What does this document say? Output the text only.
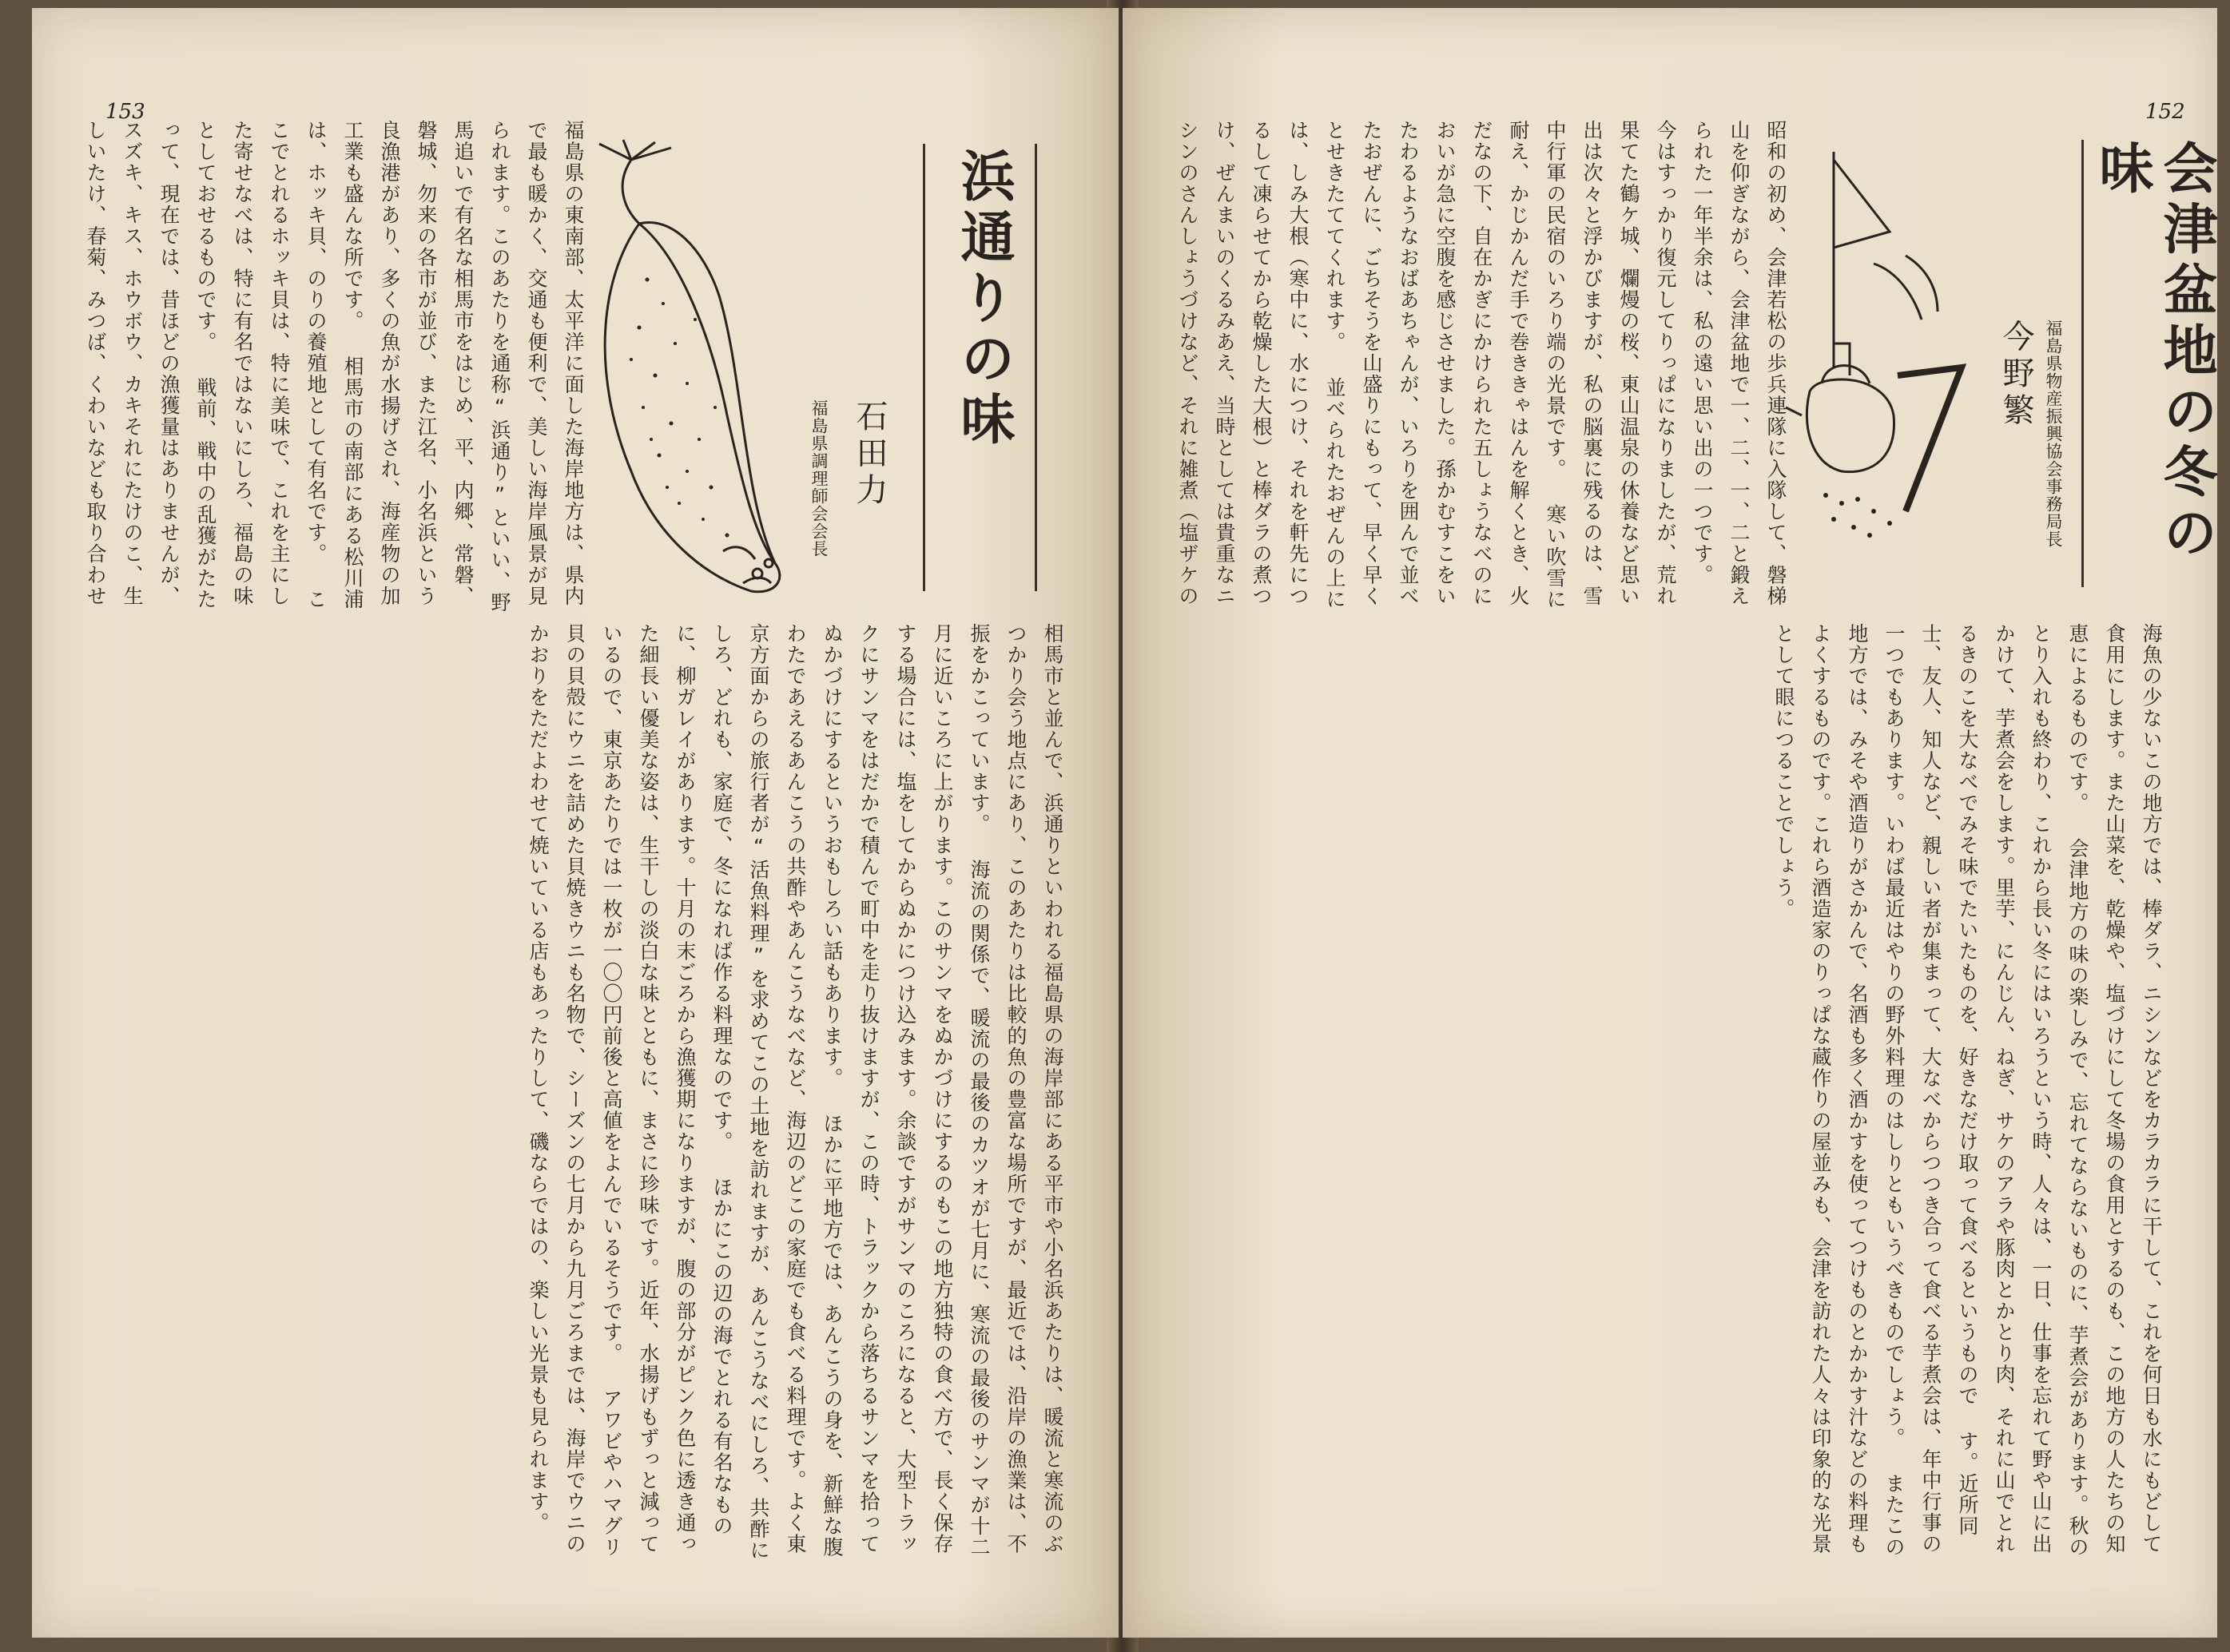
153
浜通りの味
石田力
福島県調理師会会長
福島県の東南部、太平洋に面した海岸地方は、県内で最も暖かく、交通も便利で、美しい海岸風景が見られます。このあたりを通称“浜通り”といい、野馬追いで有名な相馬市をはじめ、平、内郷、常磐、磐城、勿来の各市が並び、また江名、小名浜という良漁港があり、多くの魚が水揚げされ、海産物の加工業も盛んな所です。 相馬市の南部にある松川浦は、ホッキ貝、のりの養殖地として有名です。 ここでとれるホッキ貝は、特に美味で、これを主にした寄せなべは、特に有名ではないにしろ、福島の味としておせるものです。 戦前、戦中の乱獲がたたって、現在では、昔ほどの漁獲量はありませんが、スズキ、キス、ホウボウ、カキそれにたけのこ、生しいたけ、春菊、みつば、くわいなども取り合わせ
相馬市と並んで、浜通りといわれる福島県の海岸部にある平市や小名浜あたりは、暖流と寒流のぶつかり会う地点にあり、このあたりは比較的魚の豊富な場所ですが、最近では、沿岸の漁業は、不振をかこっています。 海流の関係で、暖流の最後のカツオが七月に、寒流の最後のサンマが十二月に近いころに上がります。このサンマをぬかづけにするのもこの地方独特の食べ方で、長く保存する場合には、塩をしてからぬかにつけ込みます。余談ですがサンマのころになると、大型トラックにサンマをはだかで積んで町中を走り抜けますが、この時、トラックから落ちるサンマを拾ってぬかづけにするというおもしろい話もあります。 ほかに平地方では、あんこうの身を、新鮮な腹わたであえるあんこうの共酢やあんこうなべなど、海辺のどこの家庭でも食べる料理です。よく東京方面からの旅行者が“活魚料理”を求めてこの土地を訪れますが、あんこうなべにしろ、共酢にしろ、どれも、家庭で、冬になれば作る料理なのです。 ほかにこの辺の海でとれる有名なものに、柳ガレイがあります。十月の末ごろから漁獲期になりますが、腹の部分がピンク色に透き通った細長い優美な姿は、生干しの淡白な味とともに、まさに珍味です。近年、水揚げもずっと減っているので、東京あたりでは一枚が一〇〇円前後と高値をよんでいるそうです。 アワビやハマグリ貝の貝殻にウニを詰めた貝焼きウニも名物で、シーズンの七月から九月ごろまでは、海岸でウニのかおりをただよわせて焼いている店もあったりして、磯ならではの、楽しい光景も見られます。
152
会津盆地の冬の味
今野繁 福島県物産振興協会事務局長
昭和の初め、会津若松の歩兵連隊に入隊して、磐梯山を仰ぎながら、会津盆地で一、二、一、二と鍛えられた一年半余は、私の遠い思い出の一つです。 今はすっかり復元してりっぱになりましたが、荒れ果てた鶴ケ城、爛熳の桜、東山温泉の休養など思い出は次々と浮かびますが、私の脳裏に残るのは、雪中行軍の民宿のいろり端の光景です。 寒い吹雪に耐え、かじかんだ手で巻ききゃはんを解くとき、火だなの下、自在かぎにかけられた五しょうなべのにおいが急に空腹を感じさせました。孫かむすこをいたわるようなおばあちゃんが、いろりを囲んで並べたおぜんに、ごちそうを山盛りにもって、早く早くとせきたててくれます。 並べられたおぜんの上には、しみ大根（寒中に、水につけ、それを軒先につるして凍らせてから乾燥した大根）と棒ダラの煮つけ、ぜんまいのくるみあえ、当時としては貴重なニシンのさんしょうづけなど、それに雑煮（塩ザケの
海魚の少ないこの地方では、棒ダラ、ニシンなどをカラカラに干して、これを何日も水にもどして食用にします。また山菜を、乾燥や、塩づけにして冬場の食用とするのも、この地方の人たちの知恵によるものです。 会津地方の味の楽しみで、忘れてならないものに、芋煮会があります。秋のとり入れも終わり、これから長い冬にはいろうという時、人々は、一日、仕事を忘れて野や山に出かけて、芋煮会をします。里芋、にんじん、ねぎ、サケのアラや豚肉とかとり肉、それに山でとれるきのこを大なべでみそ味でたいたものを、好きなだけ取って食べるというもので す。近所同士、友人、知人など、親しい者が集まって、大なべからつつき合って食べる芋煮会は、年中行事の一つでもあります。いわば最近はやりの野外料理のはしりともいうべきものでしょう。 またこの地方では、みそや酒造りがさかんで、名酒も多く酒かすを使ってつけものとかかす汁などの料理もよくするものです。これら酒造家のりっぱな蔵作りの屋並みも、会津を訪れた人々は印象的な光景として眼につることでしょう。
